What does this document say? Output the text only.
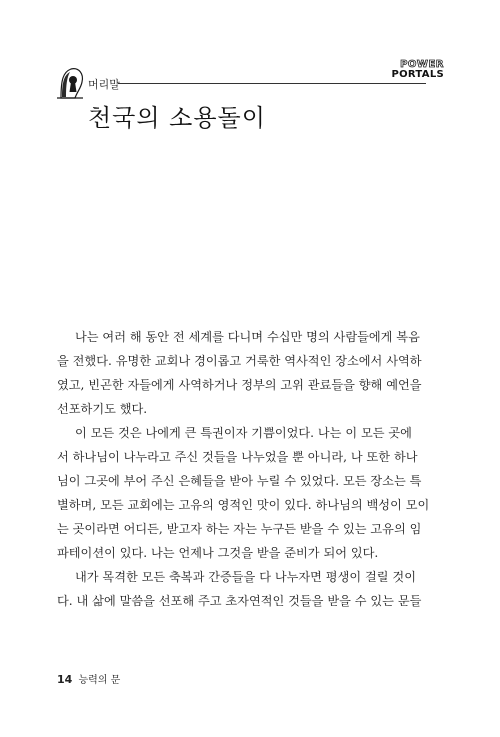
POWER
PORTALS
머리말
천국의 소용돌이
나는 여러 해 동안 전 세계를 다니며 수십만 명의 사람들에게 복음
을 전했다. 유명한 교회나 경이롭고 거룩한 역사적인 장소에서 사역하
였고, 빈곤한 자들에게 사역하거나 정부의 고위 관료들을 향해 예언을
선포하기도 했다.
이 모든 것은 나에게 큰 특권이자 기쁨이었다. 나는 이 모든 곳에
서 하나님이 나누라고 주신 것들을 나누었을 뿐 아니라, 나 또한 하나
님이 그곳에 부어 주신 은혜들을 받아 누릴 수 있었다. 모든 장소는 특
별하며, 모든 교회에는 고유의 영적인 맛이 있다. 하나님의 백성이 모이
는 곳이라면 어디든, 받고자 하는 자는 누구든 받을 수 있는 고유의 임
파테이션이 있다. 나는 언제나 그것을 받을 준비가 되어 있다.
내가 목격한 모든 축복과 간증들을 다 나누자면 평생이 걸릴 것이
다. 내 삶에 말씀을 선포해 주고 초자연적인 것들을 받을 수 있는 문들
14 능력의 문
